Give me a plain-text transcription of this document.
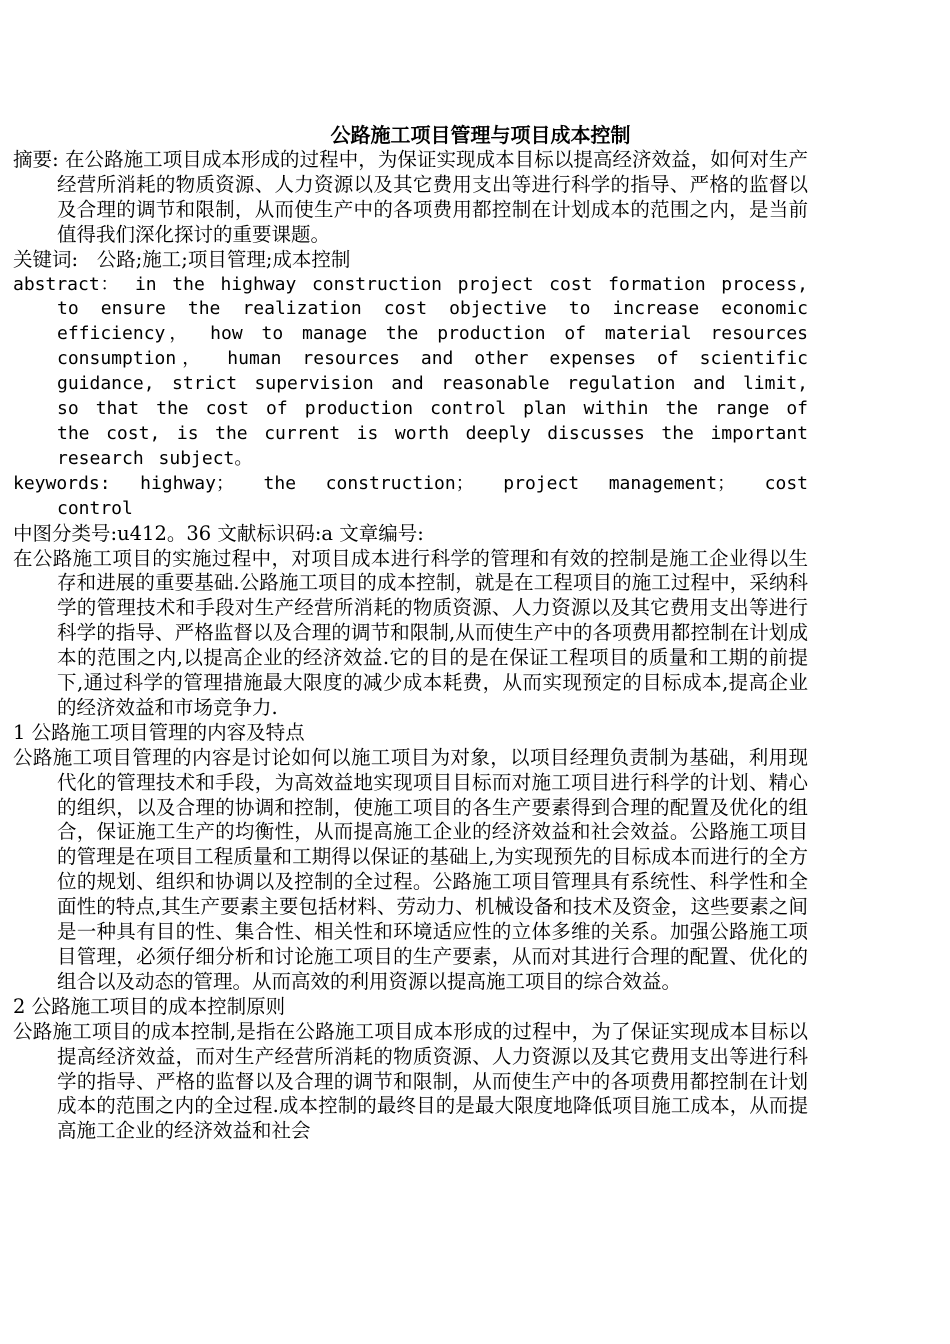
公路施工项目管理与项目成本控制

摘要: 在公路施工项目成本形成的过程中，为保证实现成本目标以提高经济效益，如何对生产经营所消耗的物质资源、人力资源以及其它费用支出等进行科学的指导、严格的监督以及合理的调节和限制，从而使生产中的各项费用都控制在计划成本的范围之内，是当前值得我们深化探讨的重要课题。

关键词: 公路;施工;项目管理;成本控制

abstract： in the highway construction project cost formation process, to ensure the realization cost objective to increase economic efficiency， how to manage the production of material resources consumption， human resources and other expenses of scientific guidance, strict supervision and reasonable regulation and limit, so that the cost of production control plan within the range of the cost, is the current is worth deeply discusses the important research subject。

keywords: highway； the construction； project management； cost control

中图分类号:u412。36 文献标识码:a 文章编号:

在公路施工项目的实施过程中，对项目成本进行科学的管理和有效的控制是施工企业得以生存和进展的重要基础.公路施工项目的成本控制，就是在工程项目的施工过程中，采纳科学的管理技术和手段对生产经营所消耗的物质资源、人力资源以及其它费用支出等进行科学的指导、严格监督以及合理的调节和限制,从而使生产中的各项费用都控制在计划成本的范围之内,以提高企业的经济效益.它的目的是在保证工程项目的质量和工期的前提下,通过科学的管理措施最大限度的减少成本耗费，从而实现预定的目标成本,提高企业的经济效益和市场竞争力.

1 公路施工项目管理的内容及特点

公路施工项目管理的内容是讨论如何以施工项目为对象，以项目经理负责制为基础，利用现代化的管理技术和手段，为高效益地实现项目目标而对施工项目进行科学的计划、精心的组织，以及合理的协调和控制，使施工项目的各生产要素得到合理的配置及优化的组合，保证施工生产的均衡性，从而提高施工企业的经济效益和社会效益。公路施工项目的管理是在项目工程质量和工期得以保证的基础上,为实现预先的目标成本而进行的全方位的规划、组织和协调以及控制的全过程。公路施工项目管理具有系统性、科学性和全面性的特点,其生产要素主要包括材料、劳动力、机械设备和技术及资金，这些要素之间是一种具有目的性、集合性、相关性和环境适应性的立体多维的关系。加强公路施工项目管理，必须仔细分析和讨论施工项目的生产要素，从而对其进行合理的配置、优化的组合以及动态的管理。从而高效的利用资源以提高施工项目的综合效益。

2 公路施工项目的成本控制原则

公路施工项目的成本控制,是指在公路施工项目成本形成的过程中，为了保证实现成本目标以提高经济效益，而对生产经营所消耗的物质资源、人力资源以及其它费用支出等进行科学的指导、严格的监督以及合理的调节和限制，从而使生产中的各项费用都控制在计划成本的范围之内的全过程.成本控制的最终目的是最大限度地降低项目施工成本，从而提高施工企业的经济效益和社会
